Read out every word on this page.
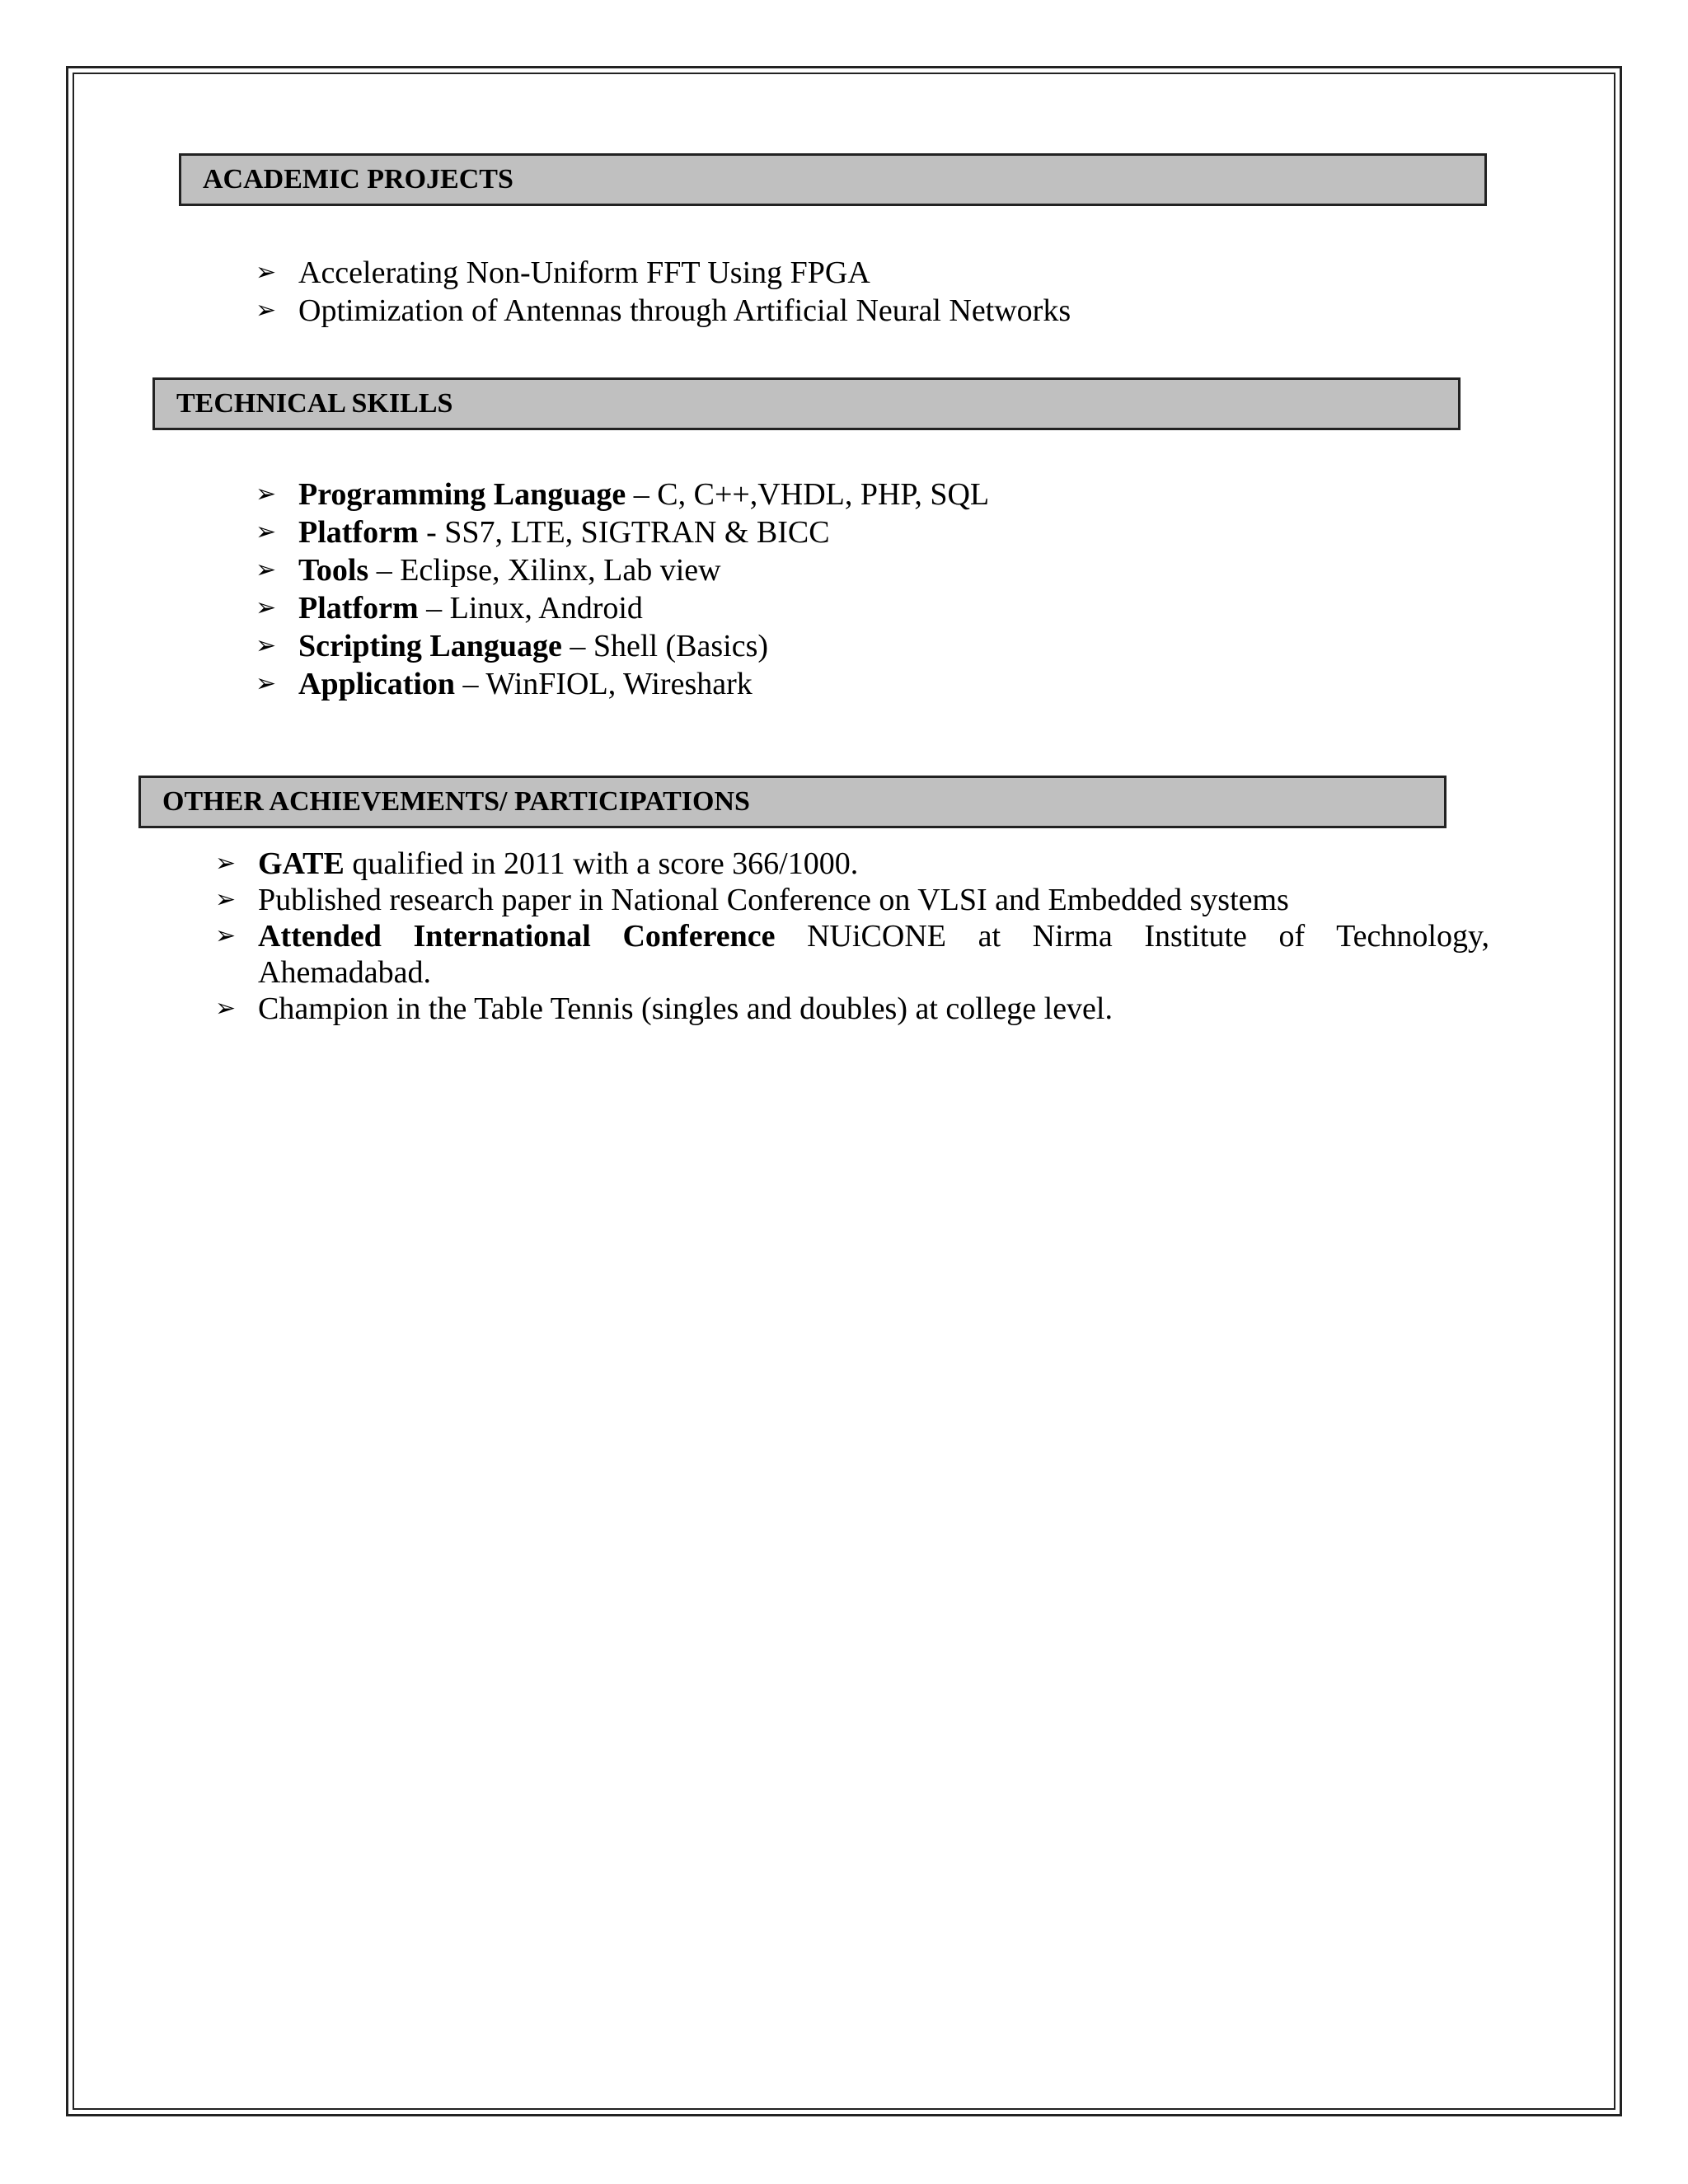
ACADEMIC PROJECTS
➢ Accelerating Non-Uniform FFT Using FPGA
➢ Optimization of Antennas through Artificial Neural Networks
TECHNICAL SKILLS
➢ Programming Language – C, C++,VHDL, PHP, SQL
➢ Platform - SS7, LTE, SIGTRAN & BICC
➢ Tools – Eclipse, Xilinx, Lab view
➢ Platform – Linux, Android
➢ Scripting Language – Shell (Basics)
➢ Application – WinFIOL, Wireshark
OTHER ACHIEVEMENTS/ PARTICIPATIONS
➢ GATE qualified in 2011 with a score 366/1000.
➢ Published research paper in National Conference on VLSI and Embedded systems
➢ Attended International Conference NUiCONE at Nirma Institute of Technology,
Ahemadabad.
➢ Champion in the Table Tennis (singles and doubles) at college level.
